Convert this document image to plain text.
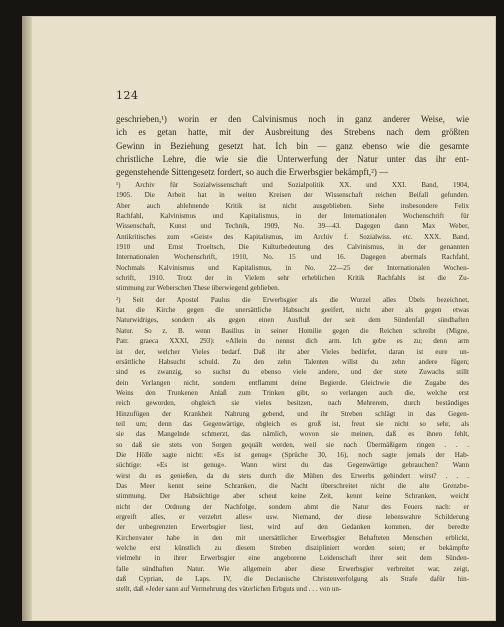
124
geschrieben,¹) worin er den Calvinismus noch in ganz anderer Weise, wie
ich es getan hatte, mit der Ausbreitung des Strebens nach dem größten
Gewinn in Beziehung gesetzt hat. Ich bin — ganz ebenso wie die gesamte
christliche Lehre, die wie sie die Unterwerfung der Natur unter das ihr ent-
gegenstehende Sittengesetz fordert, so auch die Erwerbsgier bekämpft,²) —
¹) Archiv für Sozialwissenschaft und Sozialpolitik XX. und XXI. Band, 1904,
1905. Die Arbeit hat in weiten Kreisen der Wissenschaft reichen Beifall gefunden.
Aber auch ablehnende Kritik ist nicht ausgeblieben. Siehe insbesondere Felix
Rachfahl, Kalvinismus und Kapitalismus, in der Internationalen Wochenschrift für
Wissenschaft, Kunst und Technik, 1909, No. 39—43. Dagegen dann Max Weber,
Antikritisches zum »Geist« des Kapitalismus, im Archiv f. Sozialwiss. etc. XXX. Band,
1910 und Ernst Troeltsch, Die Kulturbedeutung des Calvinismus, in der genannten
Internationalen Wochenschrift, 1910, No. 15 und 16. Dagegen abermals Rachfahl,
Nochmals Kalvinismus und Kapitalismus, in No. 22—25 der Internationalen Wochen-
schrift, 1910. Trotz der in Vielem sehr erheblichen Kritik Rachfahls ist die Zu-
stimmung zur Weberschen These überwiegend geblieben.
²) Seit der Apostel Paulus die Erwerbsgier als die Wurzel alles Übels bezeichnet,
hat die Kirche gegen die unersättliche Habsucht geeifert, nicht aber als gegen etwas
Naturwidriges, sondern als gegen einen Ausfluß der seit dem Sündenfall sündhaften
Natur. So z. B. wenn Basilius in seiner Homilie gegen die Reichen schreibt (Migne,
Patr. graeca XXXI, 293): »Allein du nennst dich arm. Ich gebe es zu; denn arm
ist der, welcher Vieles bedarf. Daß ihr aber Vieles bedürfet, daran ist eure un-
ersättliche Habsucht schuld. Zu den zehn Talenten willst du zehn andere fügen;
sind es zwanzig, so suchst du ebenso viele andere, und der stete Zuwachs stillt
dein Verlangen nicht, sondern entflammt deine Begierde. Gleichwie die Zugabe des
Weins den Trunkenen Anlaß zum Trinken gibt, so verlangen auch die, welche erst
reich geworden, obgleich sie vieles besitzen, nach Mehrerem, durch beständiges
Hinzufügen der Krankheit Nahrung gebend, und ihr Streben schlägt in das Gegen-
teil um; denn das Gegenwärtige, obgleich es groß ist, freut sie nicht so sehr, als
sie das Mangelnde schmerzt, das nämlich, wovon sie meinen, daß es ihnen fehlt,
so daß sie stets von Sorgen gequält werden, weil sie nach Übermäßigem ringen . . .
Die Hölle sagte nicht: »Es ist genug« (Sprüche 30, 16), noch sagte jemals der Hab-
süchtige: »Es ist genug«. Wann wirst du das Gegenwärtige gebrauchen? Wann
wirst du es genießen, da du stets durch die Mühen des Erwerbs gehindert wirst? . . .
Das Meer kennt seine Schranken, die Nacht überschreitet nicht die alte Grenzbe-
stimmung. Der Habsüchtige aber scheut keine Zeit, kennt keine Schranken, weicht
nicht der Ordnung der Nachfolge, sondern ahmt die Natur des Feuers nach: er
ergreift alles, er verzehrt alles« usw. Niemand, der diese lebenswahre Schilderung
der unbegrenzten Erwerbsgier liest, wird auf den Gedanken kommen, der beredte
Kirchenvater habe in den mit unersättlicher Erwerbsgier Behafteten Menschen erblickt,
welche erst künstlich zu diesem Streben diszipliniert worden seien; er bekämpfte
vielmehr in ihrer Erwerbsgier eine angeborene Leidenschaft ihrer seit dem Sünden-
falle sündhaften Natur. Wie allgemein aber diese Erwerbsgier verbreitet war, zeigt,
daß Cyprian, de Laps. IV, die Decianische Christenverfolgung als Strafe dafür hin-
stellt, daß »Jeder sann auf Vermehrung des väterlichen Erbguts und . . . von un-
